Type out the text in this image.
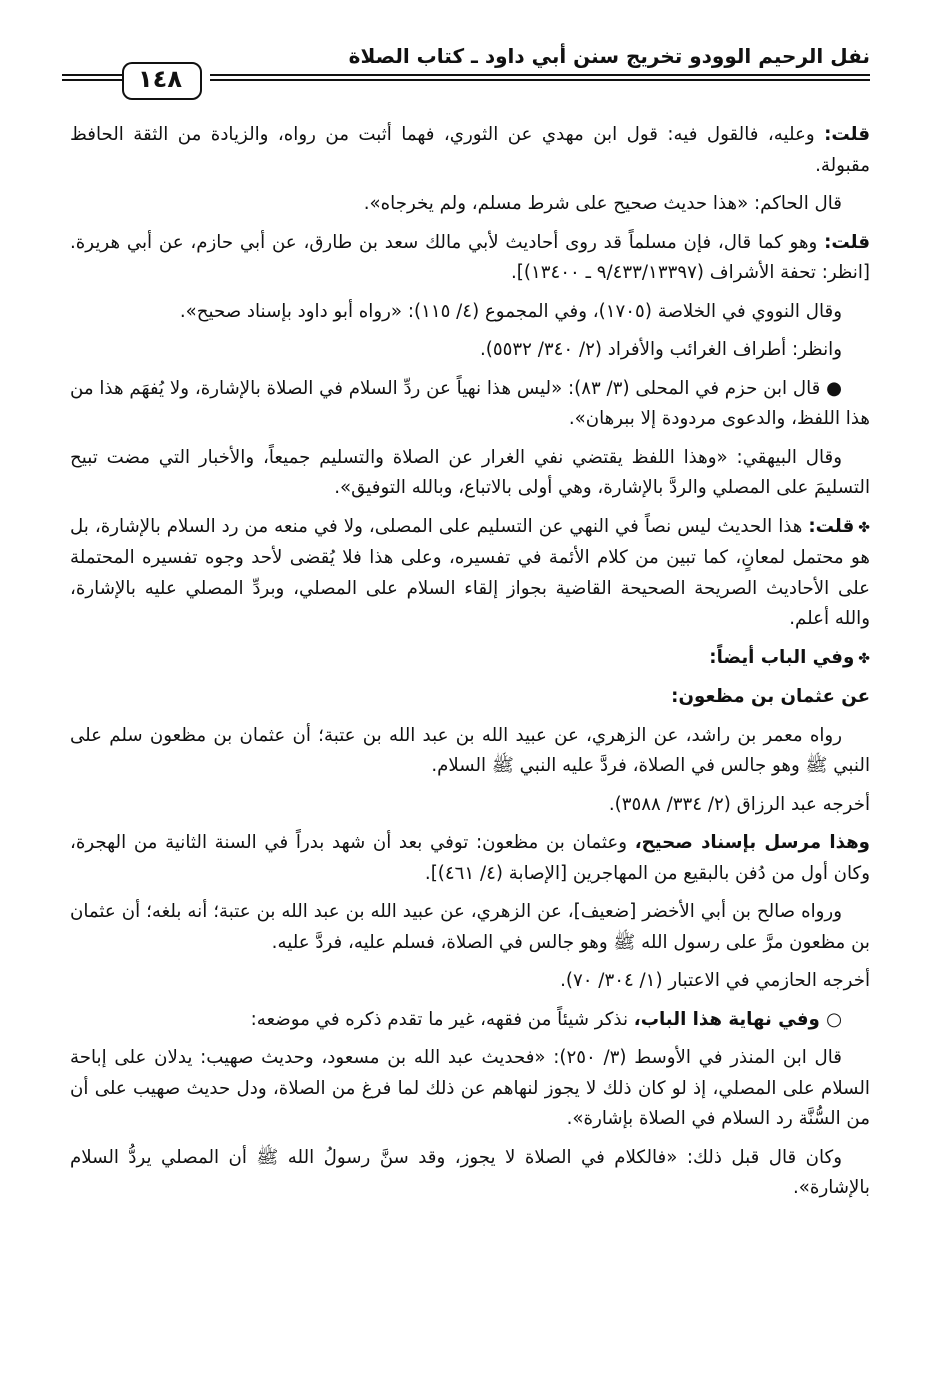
نفل الرحيم الوودو تخريج سنن أبي داود ـ كتاب الصلاة
١٤٨

قلت: وعليه، فالقول فيه: قول ابن مهدي عن الثوري، فهما أثبت من رواه، والزيادة من الثقة الحافظ مقبولة.

قال الحاكم: «هذا حديث صحيح على شرط مسلم، ولم يخرجاه».

قلت: وهو كما قال، فإن مسلماً قد روى أحاديث لأبي مالك سعد بن طارق، عن أبي حازم، عن أبي هريرة. [انظر: تحفة الأشراف (٩/٤٣٣/١٣٣٩٧ ـ ١٣٤٠٠)].

وقال النووي في الخلاصة (١٧٠٥)، وفي المجموع (٤/ ١١٥): «رواه أبو داود بإسناد صحيح».

وانظر: أطراف الغرائب والأفراد (٢/ ٣٤٠/ ٥٥٣٢).

● قال ابن حزم في المحلى (٣/ ٨٣): «ليس هذا نهياً عن ردِّ السلام في الصلاة بالإشارة، ولا يُفهَم هذا من هذا اللفظ، والدعوى مردودة إلا ببرهان».

وقال البيهقي: «وهذا اللفظ يقتضي نفي الغرار عن الصلاة والتسليم جميعاً، والأخبار التي مضت تبيح التسليمَ على المصلي والردَّ بالإشارة، وهي أولى بالاتباع، وبالله التوفيق».

✤قلت: هذا الحديث ليس نصاً في النهي عن التسليم على المصلى، ولا في منعه من رد السلام بالإشارة، بل هو محتمل لمعانٍ، كما تبين من كلام الأئمة في تفسيره، وعلى هذا فلا يُقضى لأحد وجوه تفسيره المحتملة على الأحاديث الصريحة الصحيحة القاضية بجواز إلقاء السلام على المصلي، وبردِّ المصلي عليه بالإشارة، والله أعلم.

✤وفي الباب أيضاً:

عن عثمان بن مظعون:

رواه معمر بن راشد، عن الزهري، عن عبيد الله بن عبد الله بن عتبة؛ أن عثمان بن مظعون سلم على النبي ﷺ وهو جالس في الصلاة، فردَّ عليه النبي ﷺ السلام.

أخرجه عبد الرزاق (٢/ ٣٣٤/ ٣٥٨٨).

وهذا مرسل بإسناد صحيح، وعثمان بن مظعون: توفي بعد أن شهد بدراً في السنة الثانية من الهجرة، وكان أول من دُفن بالبقيع من المهاجرين [الإصابة (٤/ ٤٦١)].

ورواه صالح بن أبي الأخضر [ضعيف]، عن الزهري، عن عبيد الله بن عبد الله بن عتبة؛ أنه بلغه؛ أن عثمان بن مظعون مرَّ على رسول الله ﷺ وهو جالس في الصلاة، فسلم عليه، فردَّ عليه.

أخرجه الحازمي في الاعتبار (١/ ٣٠٤/ ٧٠).

○ وفي نهاية هذا الباب، نذكر شيئاً من فقهه، غير ما تقدم ذكره في موضعه:

قال ابن المنذر في الأوسط (٣/ ٢٥٠): «فحديث عبد الله بن مسعود، وحديث صهيب: يدلان على إباحة السلام على المصلي، إذ لو كان ذلك لا يجوز لنهاهم عن ذلك لما فرغ من الصلاة، ودل حديث صهيب على أن من السُّنَّة رد السلام في الصلاة بإشارة».

وكان قال قبل ذلك: «فالكلام في الصلاة لا يجوز، وقد سنَّ رسولُ الله ﷺ أن المصلي يردُّ السلام بالإشارة».
